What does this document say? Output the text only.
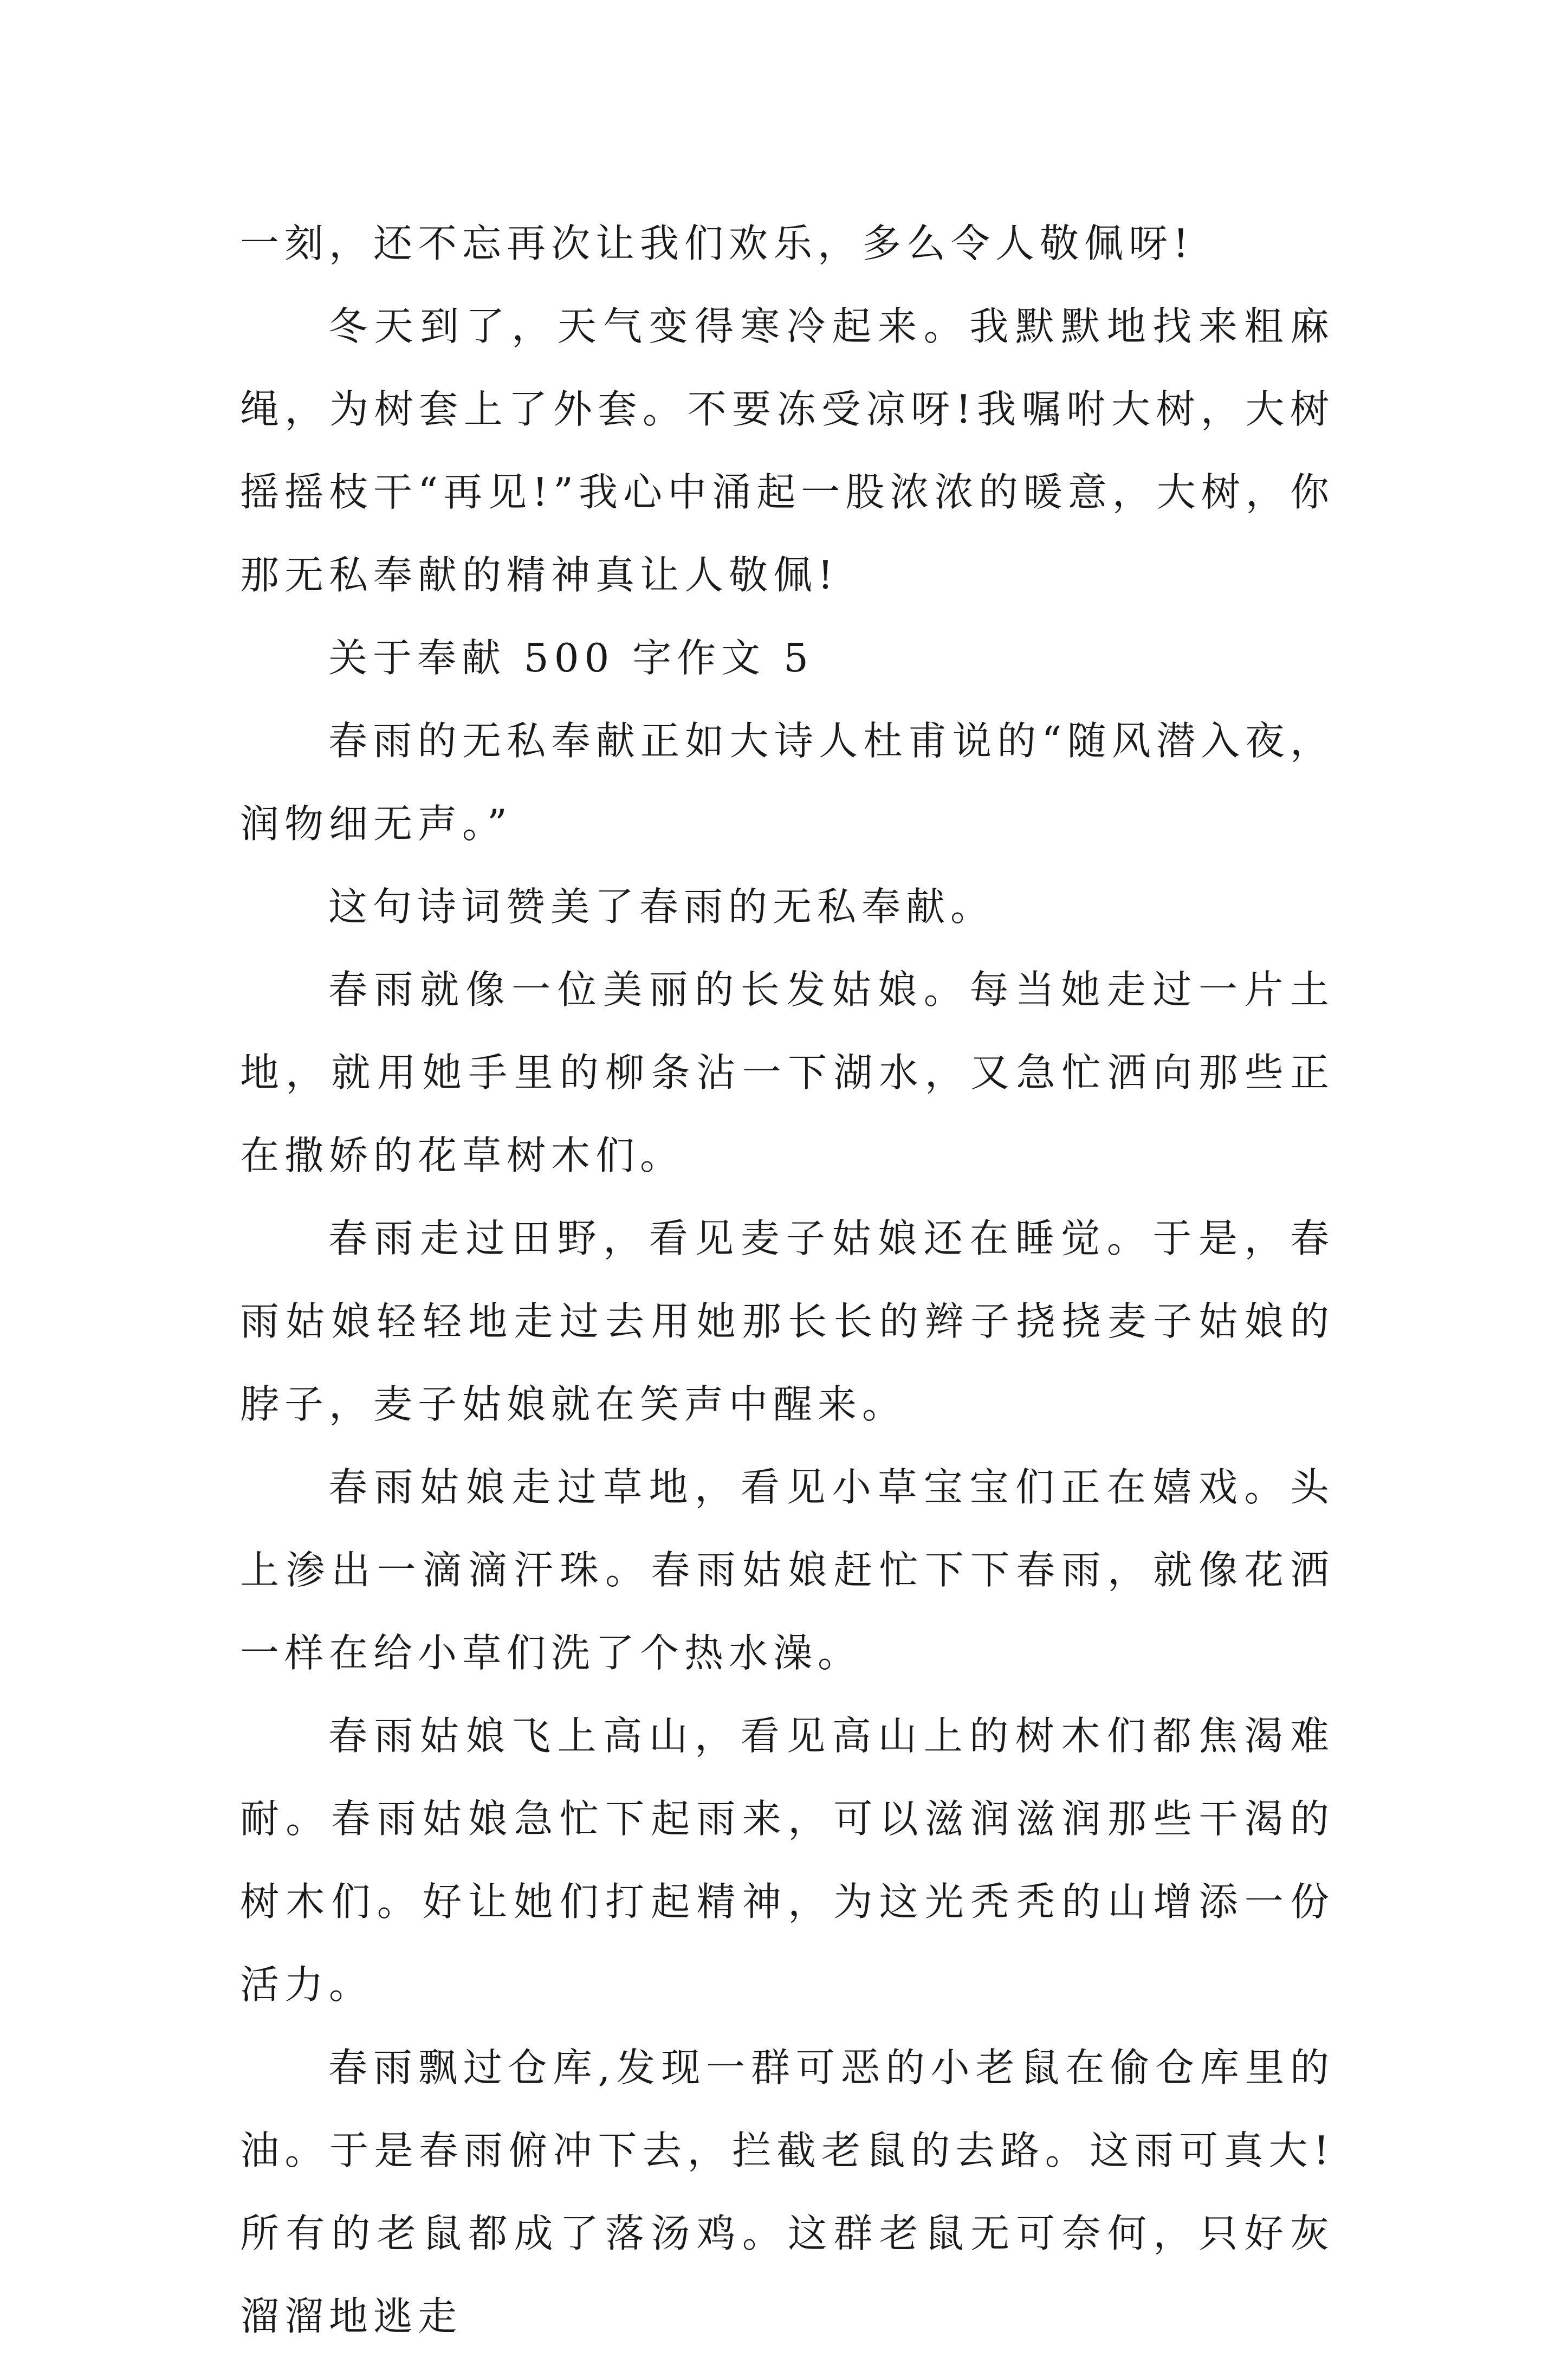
一刻，还不忘再次让我们欢乐，多么令人敬佩呀!

冬天到了，天气变得寒冷起来。我默默地找来粗麻绳，为树套上了外套。不要冻受凉呀!我嘱咐大树，大树摇摇枝干“再见!”我心中涌起一股浓浓的暖意，大树，你那无私奉献的精神真让人敬佩!

关于奉献 500 字作文 5

春雨的无私奉献正如大诗人杜甫说的“随风潜入夜，润物细无声。”

这句诗词赞美了春雨的无私奉献。

春雨就像一位美丽的长发姑娘。每当她走过一片土地，就用她手里的柳条沾一下湖水，又急忙洒向那些正在撒娇的花草树木们。

春雨走过田野，看见麦子姑娘还在睡觉。于是，春雨姑娘轻轻地走过去用她那长长的辫子挠挠麦子姑娘的脖子，麦子姑娘就在笑声中醒来。

春雨姑娘走过草地，看见小草宝宝们正在嬉戏。头上渗出一滴滴汗珠。春雨姑娘赶忙下下春雨，就像花洒一样在给小草们洗了个热水澡。

春雨姑娘飞上高山，看见高山上的树木们都焦渴难耐。春雨姑娘急忙下起雨来，可以滋润滋润那些干渴的树木们。好让她们打起精神，为这光秃秃的山增添一份活力。

春雨飘过仓库,发现一群可恶的小老鼠在偷仓库里的油。于是春雨俯冲下去，拦截老鼠的去路。这雨可真大!所有的老鼠都成了落汤鸡。这群老鼠无可奈何，只好灰溜溜地逃走
